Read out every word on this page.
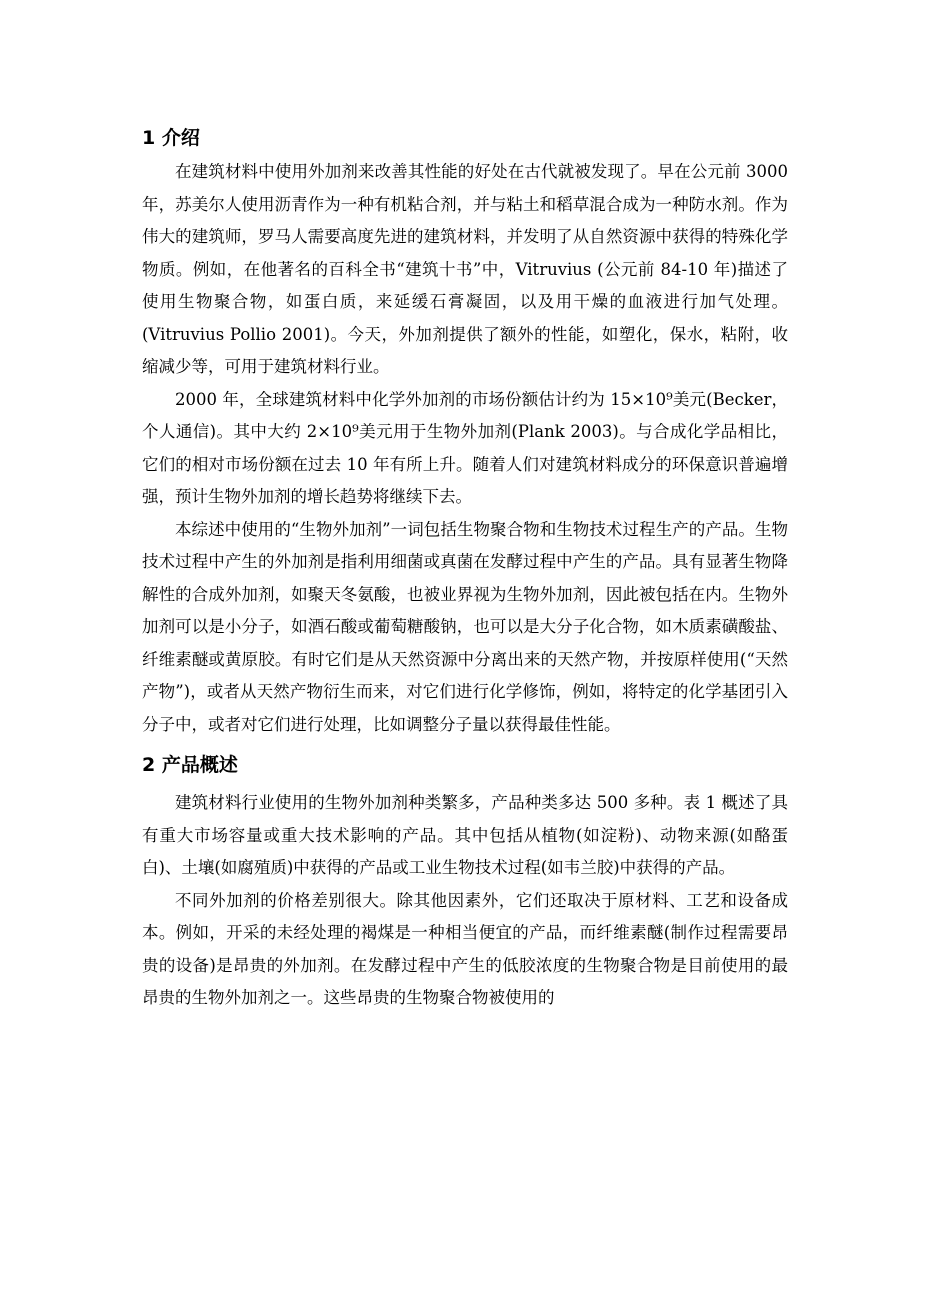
1 介绍

在建筑材料中使用外加剂来改善其性能的好处在古代就被发现了。早在公元前 3000 年，苏美尔人使用沥青作为一种有机粘合剂，并与粘土和稻草混合成为一种防水剂。作为伟大的建筑师，罗马人需要高度先进的建筑材料，并发明了从自然资源中获得的特殊化学物质。例如，在他著名的百科全书“建筑十书”中，Vitruvius (公元前 84-10 年)描述了使用生物聚合物，如蛋白质，来延缓石膏凝固，以及用干燥的血液进行加气处理。(Vitruvius Pollio 2001)。今天，外加剂提供了额外的性能，如塑化，保水，粘附，收缩减少等，可用于建筑材料行业。

2000 年，全球建筑材料中化学外加剂的市场份额估计约为 15×10⁹美元(Becker，个人通信)。其中大约 2×10⁹美元用于生物外加剂(Plank 2003)。与合成化学品相比，它们的相对市场份额在过去 10 年有所上升。随着人们对建筑材料成分的环保意识普遍增强，预计生物外加剂的增长趋势将继续下去。

本综述中使用的“生物外加剂”一词包括生物聚合物和生物技术过程生产的产品。生物技术过程中产生的外加剂是指利用细菌或真菌在发酵过程中产生的产品。具有显著生物降解性的合成外加剂，如聚天冬氨酸，也被业界视为生物外加剂，因此被包括在内。生物外加剂可以是小分子，如酒石酸或葡萄糖酸钠，也可以是大分子化合物，如木质素磺酸盐、纤维素醚或黄原胶。有时它们是从天然资源中分离出来的天然产物，并按原样使用(“天然产物”)，或者从天然产物衍生而来，对它们进行化学修饰，例如，将特定的化学基团引入分子中，或者对它们进行处理，比如调整分子量以获得最佳性能。

2 产品概述

建筑材料行业使用的生物外加剂种类繁多，产品种类多达 500 多种。表 1 概述了具有重大市场容量或重大技术影响的产品。其中包括从植物(如淀粉)、动物来源(如酪蛋白)、土壤(如腐殖质)中获得的产品或工业生物技术过程(如韦兰胶)中获得的产品。

不同外加剂的价格差别很大。除其他因素外，它们还取决于原材料、工艺和设备成本。例如，开采的未经处理的褐煤是一种相当便宜的产品，而纤维素醚(制作过程需要昂贵的设备)是昂贵的外加剂。在发酵过程中产生的低胶浓度的生物聚合物是目前使用的最昂贵的生物外加剂之一。这些昂贵的生物聚合物被使用的
